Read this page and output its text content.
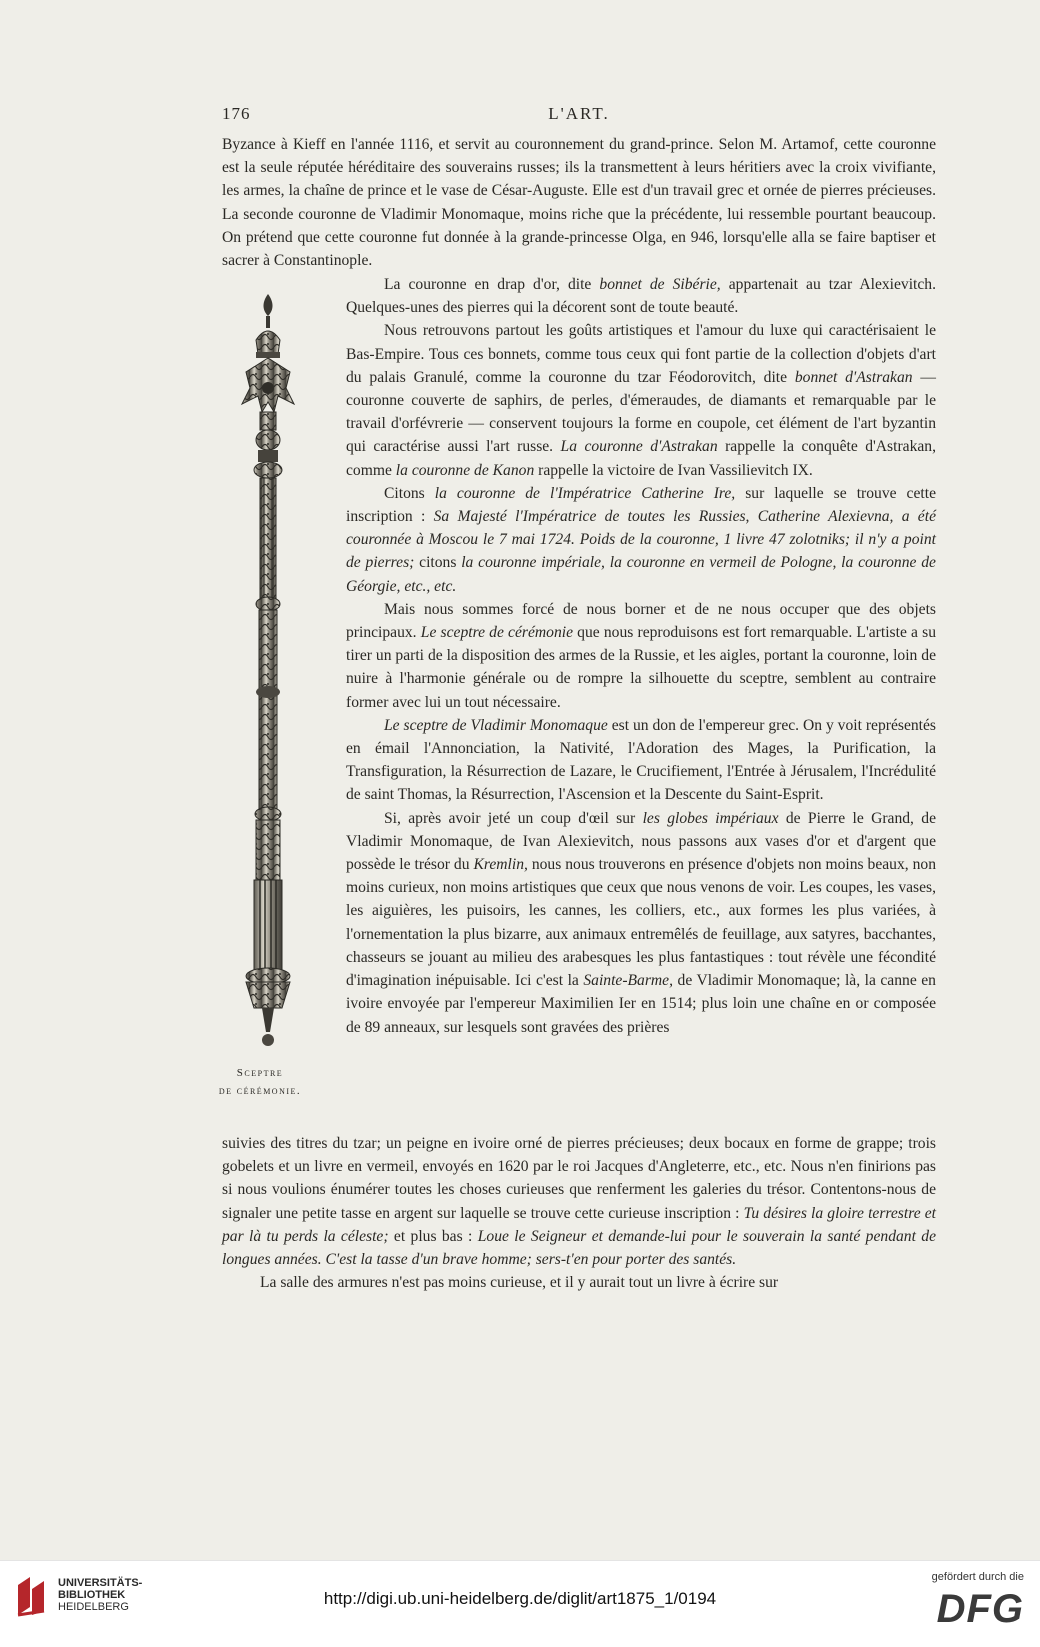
176	L'ART.

Byzance à Kieff en l'année 1116, et servit au couronnement du grand-prince. Selon M. Artamof, cette couronne est la seule réputée héréditaire des souverains russes; ils la transmettent à leurs héritiers avec la croix vivifiante, les armes, la chaîne de prince et le vase de César-Auguste. Elle est d'un travail grec et ornée de pierres précieuses. La seconde couronne de Vladimir Monomaque, moins riche que la précédente, lui ressemble pourtant beaucoup. On prétend que cette couronne fut donnée à la grande-princesse Olga, en 946, lorsqu'elle alla se faire baptiser et sacrer à Constantinople.

La couronne en drap d'or, dite bonnet de Sibérie, appartenait au tzar Alexievitch. Quelques-unes des pierres qui la décorent sont de toute beauté.

Nous retrouvons partout les goûts artistiques et l'amour du luxe qui caractérisaient le Bas-Empire. Tous ces bonnets, comme tous ceux qui font partie de la collection d'objets d'art du palais Granulé, comme la couronne du tzar Féodorovitch, dite bonnet d'Astrakan — couronne couverte de saphirs, de perles, d'émeraudes, de diamants et remarquable par le travail d'orfévrerie — conservent toujours la forme en coupole, cet élément de l'art byzantin qui caractérise aussi l'art russe. La couronne d'Astrakan rappelle la conquête d'Astrakan, comme la couronne de Kanon rappelle la victoire de Ivan Vassilievitch IX.

Citons la couronne de l'Impératrice Catherine Ire, sur laquelle se trouve cette inscription : Sa Majesté l'Impératrice de toutes les Russies, Catherine Alexievna, a été couronnée à Moscou le 7 mai 1724. Poids de la couronne, 1 livre 47 zolotniks; il n'y a point de pierres; citons la couronne impériale, la couronne en vermeil de Pologne, la couronne de Géorgie, etc., etc.

Mais nous sommes forcé de nous borner et de ne nous occuper que des objets principaux. Le sceptre de cérémonie que nous reproduisons est fort remarquable. L'artiste a su tirer un parti de la disposition des armes de la Russie, et les aigles, portant la couronne, loin de nuire à l'harmonie générale ou de rompre la silhouette du sceptre, semblent au contraire former avec lui un tout nécessaire.

Le sceptre de Vladimir Monomaque est un don de l'empereur grec. On y voit représentés en émail l'Annonciation, la Nativité, l'Adoration des Mages, la Purification, la Transfiguration, la Résurrection de Lazare, le Crucifiement, l'Entrée à Jérusalem, l'Incrédulité de saint Thomas, la Résurrection, l'Ascension et la Descente du Saint-Esprit.

Si, après avoir jeté un coup d'œil sur les globes impériaux de Pierre le Grand, de Vladimir Monomaque, de Ivan Alexievitch, nous passons aux vases d'or et d'argent que possède le trésor du Kremlin, nous nous trouverons en présence d'objets non moins beaux, non moins curieux, non moins artistiques que ceux que nous venons de voir. Les coupes, les vases, les aiguières, les puisoirs, les cannes, les colliers, etc., aux formes les plus variées, à l'ornementation la plus bizarre, aux animaux entremêlés de feuillage, aux satyres, bacchantes, chasseurs se jouant au milieu des arabesques les plus fantastiques : tout révèle une fécondité d'imagination inépuisable. Ici c'est la Sainte-Barme, de Vladimir Monomaque; là, la canne en ivoire envoyée par l'empereur Maximilien Ier en 1514; plus loin une chaîne en or composée de 89 anneaux, sur lesquels sont gravées des prières

suivies des titres du tzar; un peigne en ivoire orné de pierres précieuses; deux bocaux en forme de grappe; trois gobelets et un livre en vermeil, envoyés en 1620 par le roi Jacques d'Angleterre, etc., etc. Nous n'en finirions pas si nous voulions énumérer toutes les choses curieuses que renferment les galeries du trésor. Contentons-nous de signaler une petite tasse en argent sur laquelle se trouve cette curieuse inscription : Tu désires la gloire terrestre et par là tu perds la céleste; et plus bas : Loue le Seigneur et demande-lui pour le souverain la santé pendant de longues années. C'est la tasse d'un brave homme; sers-t'en pour porter des santés.

La salle des armures n'est pas moins curieuse, et il y aurait tout un livre à écrire sur

Sceptre
de cérémonie.
UNIVERSITÄTS-
BIBLIOTHEK
HEIDELBERG	http://digi.ub.uni-heidelberg.de/diglit/art1875_1/0194
gefördert durch die
DFG
